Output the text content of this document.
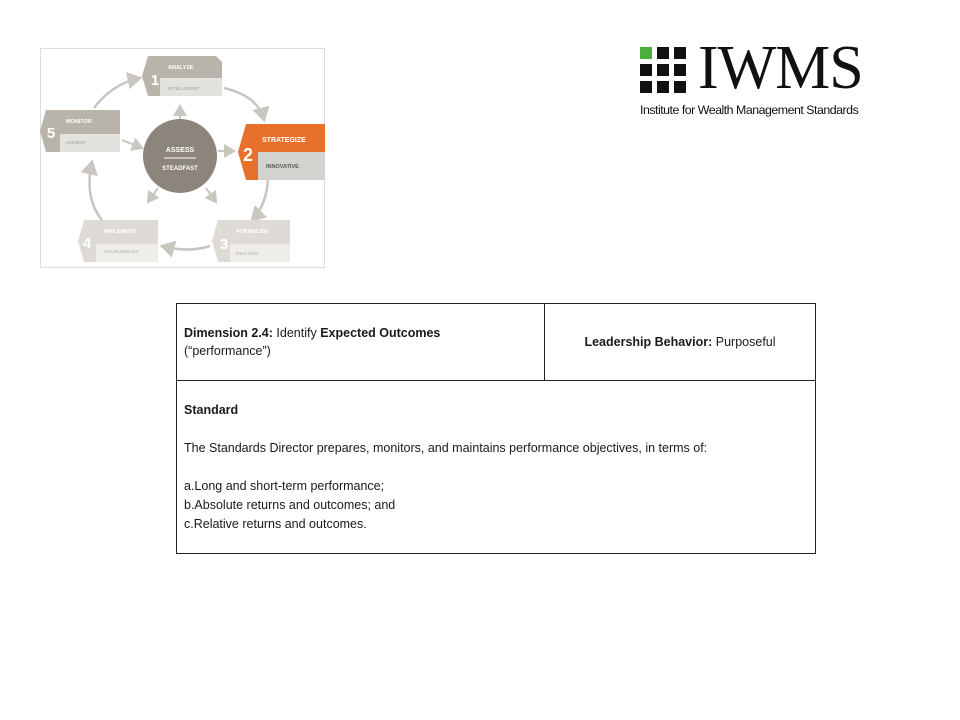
ASSESS
STEADFAST
1
ANALYZE
INTELLIGENT
2
STRATEGIZE
INNOVATIVE
3
FORMALIZE
DECISIVE
4
IMPLEMENT
COURAGEUOS
5
MONITOR
HONEST
IWMS
Institute for Wealth Management Standards
Dimension 2.4: Identify Expected Outcomes
(“performance”)	Leadership Behavior: Purposeful

Standard
The Standards Director prepares, monitors, and maintains performance objectives, in terms of:
a.Long and short-term performance;
b.Absolute returns and outcomes; and
c.Relative returns and outcomes.
